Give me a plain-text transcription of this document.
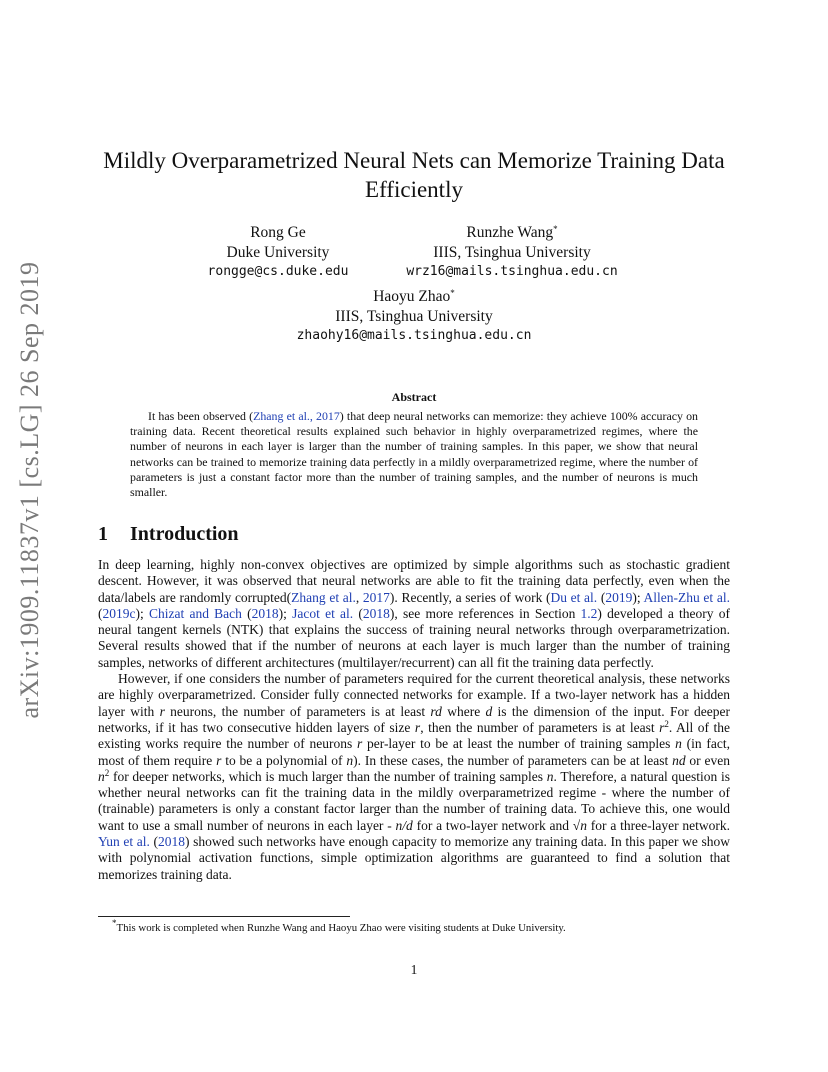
arXiv:1909.11837v1 [cs.LG] 26 Sep 2019
Mildly Overparametrized Neural Nets can Memorize Training Data Efficiently
Rong Ge
Duke University
rongge@cs.duke.edu
Runzhe Wang*
IIIS, Tsinghua University
wrz16@mails.tsinghua.edu.cn
Haoyu Zhao*
IIIS, Tsinghua University
zhaohy16@mails.tsinghua.edu.cn
Abstract

It has been observed (Zhang et al., 2017) that deep neural networks can memorize: they achieve 100% accuracy on training data. Recent theoretical results explained such behavior in highly overparametrized regimes, where the number of neurons in each layer is larger than the number of training samples. In this paper, we show that neural networks can be trained to memorize training data perfectly in a mildly overparametrized regime, where the number of parameters is just a constant factor more than the number of training samples, and the number of neurons is much smaller.

1 Introduction

In deep learning, highly non-convex objectives are optimized by simple algorithms such as stochastic gradient descent. However, it was observed that neural networks are able to fit the training data perfectly, even when the data/labels are randomly corrupted(Zhang et al., 2017). Recently, a series of work (Du et al. (2019); Allen-Zhu et al. (2019c); Chizat and Bach (2018); Jacot et al. (2018), see more references in Section 1.2) developed a theory of neural tangent kernels (NTK) that explains the success of training neural networks through overparametrization. Several results showed that if the number of neurons at each layer is much larger than the number of training samples, networks of different architectures (multilayer/recurrent) can all fit the training data perfectly.

However, if one considers the number of parameters required for the current theoretical analysis, these networks are highly overparametrized. Consider fully connected networks for example. If a two-layer network has a hidden layer with r neurons, the number of parameters is at least rd where d is the dimension of the input. For deeper networks, if it has two consecutive hidden layers of size r, then the number of parameters is at least $r^2$. All of the existing works require the number of neurons r per-layer to be at least the number of training samples n (in fact, most of them require r to be a polynomial of n). In these cases, the number of parameters can be at least nd or even $n^2$ for deeper networks, which is much larger than the number of training samples n. Therefore, a natural question is whether neural networks can fit the training data in the mildly overparametrized regime - where the number of (trainable) parameters is only a constant factor larger than the number of training data. To achieve this, one would want to use a small number of neurons in each layer - n/d for a two-layer network and √n for a three-layer network. Yun et al. (2018) showed such networks have enough capacity to memorize any training data. In this paper we show with polynomial activation functions, simple optimization algorithms are guaranteed to find a solution that memorizes training data.

*This work is completed when Runzhe Wang and Haoyu Zhao were visiting students at Duke University.
1
